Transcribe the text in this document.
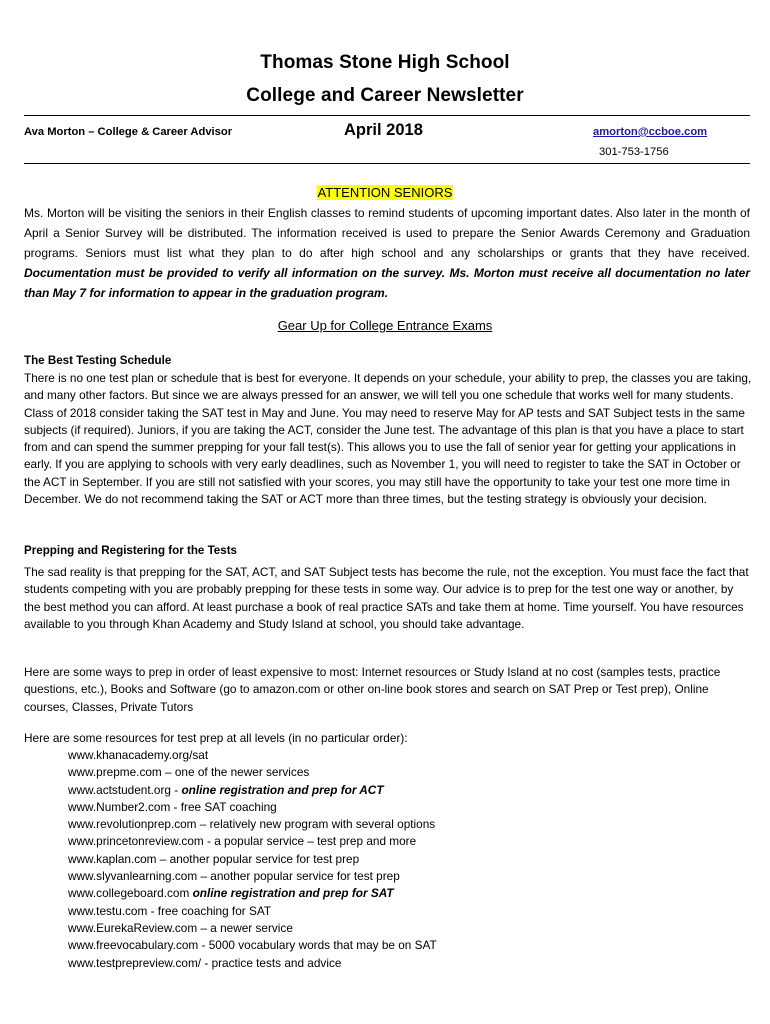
Thomas Stone High School
College and Career Newsletter
Ava Morton – College & Career Advisor	April 2018	amorton@ccboe.com
301-753-1756
ATTENTION SENIORS

Ms. Morton will be visiting the seniors in their English classes to remind students of upcoming important dates. Also later in the month of April a Senior Survey will be distributed. The information received is used to prepare the Senior Awards Ceremony and Graduation programs. Seniors must list what they plan to do after high school and any scholarships or grants that they have received. Documentation must be provided to verify all information on the survey. Ms. Morton must receive all documentation no later than May 7 for information to appear in the graduation program.

Gear Up for College Entrance Exams
The Best Testing Schedule

There is no one test plan or schedule that is best for everyone. It depends on your schedule, your ability to prep, the classes you are taking, and many other factors. But since we are always pressed for an answer, we will tell you one schedule that works well for many students. Class of 2018 consider taking the SAT test in May and June. You may need to reserve May for AP tests and SAT Subject tests in the same subjects (if required). Juniors, if you are taking the ACT, consider the June test. The advantage of this plan is that you have a place to start from and can spend the summer prepping for your fall test(s). This allows you to use the fall of senior year for getting your applications in early. If you are applying to schools with very early deadlines, such as November 1, you will need to register to take the SAT in October or the ACT in September. If you are still not satisfied with your scores, you may still have the opportunity to take your test one more time in December. We do not recommend taking the SAT or ACT more than three times, but the testing strategy is obviously your decision.

Prepping and Registering for the Tests

The sad reality is that prepping for the SAT, ACT, and SAT Subject tests has become the rule, not the exception. You must face the fact that students competing with you are probably prepping for these tests in some way. Our advice is to prep for the test one way or another, by the best method you can afford. At least purchase a book of real practice SATs and take them at home. Time yourself. You have resources available to you through Khan Academy and Study Island at school, you should take advantage.

Here are some ways to prep in order of least expensive to most: Internet resources or Study Island at no cost (samples tests, practice questions, etc.), Books and Software (go to amazon.com or other on-line book stores and search on SAT Prep or Test prep), Online courses, Classes, Private Tutors

Here are some resources for test prep at all levels (in no particular order):

www.khanacademy.org/sat
www.prepme.com – one of the newer services
www.actstudent.org - online registration and prep for ACT
www.Number2.com - free SAT coaching
www.revolutionprep.com – relatively new program with several options
www.princetonreview.com - a popular service – test prep and more
www.kaplan.com – another popular service for test prep
www.slyvanlearning.com – another popular service for test prep
www.collegeboard.com online registration and prep for SAT
www.testu.com - free coaching for SAT
www.EurekaReview.com – a newer service
www.freevocabulary.com - 5000 vocabulary words that may be on SAT
www.testprepreview.com/ - practice tests and advice
